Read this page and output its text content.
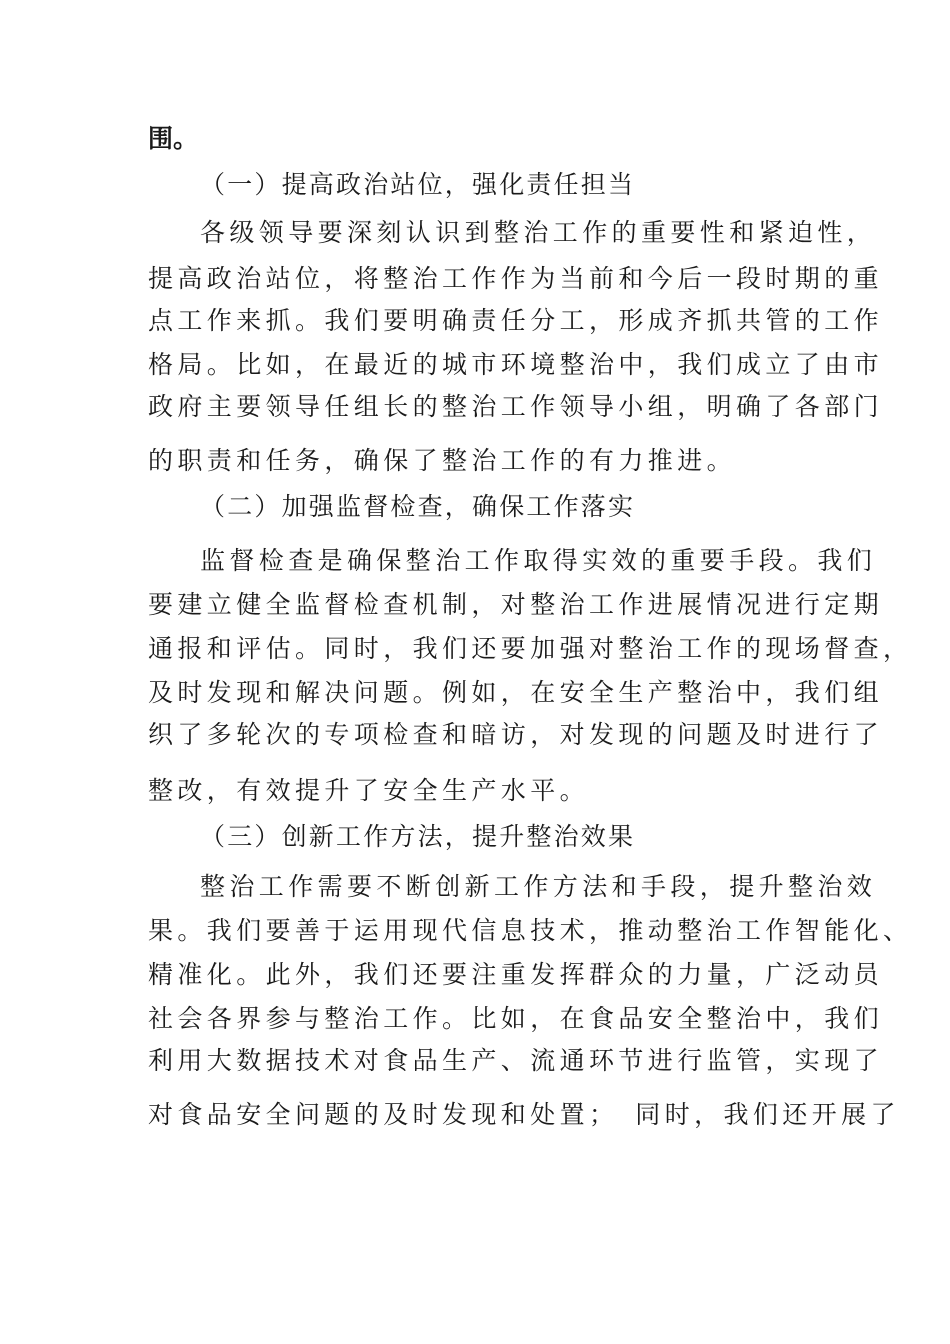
围。
（一）提高政治站位，强化责任担当
各级领导要深刻认识到整治工作的重要性和紧迫性，
提高政治站位，将整治工作作为当前和今后一段时期的重
点工作来抓。我们要明确责任分工，形成齐抓共管的工作
格局。比如，在最近的城市环境整治中，我们成立了由市
政府主要领导任组长的整治工作领导小组，明确了各部门
的职责和任务，确保了整治工作的有力推进。
（二）加强监督检查，确保工作落实
监督检查是确保整治工作取得实效的重要手段。我们
要建立健全监督检查机制，对整治工作进展情况进行定期
通报和评估。同时，我们还要加强对整治工作的现场督查，
及时发现和解决问题。例如，在安全生产整治中，我们组
织了多轮次的专项检查和暗访，对发现的问题及时进行了
整改，有效提升了安全生产水平。
（三）创新工作方法，提升整治效果
整治工作需要不断创新工作方法和手段，提升整治效
果。我们要善于运用现代信息技术，推动整治工作智能化、
精准化。此外，我们还要注重发挥群众的力量，广泛动员
社会各界参与整治工作。比如，在食品安全整治中，我们
利用大数据技术对食品生产、流通环节进行监管，实现了
对食品安全问题的及时发现和处置；　同时，我们还开展了
